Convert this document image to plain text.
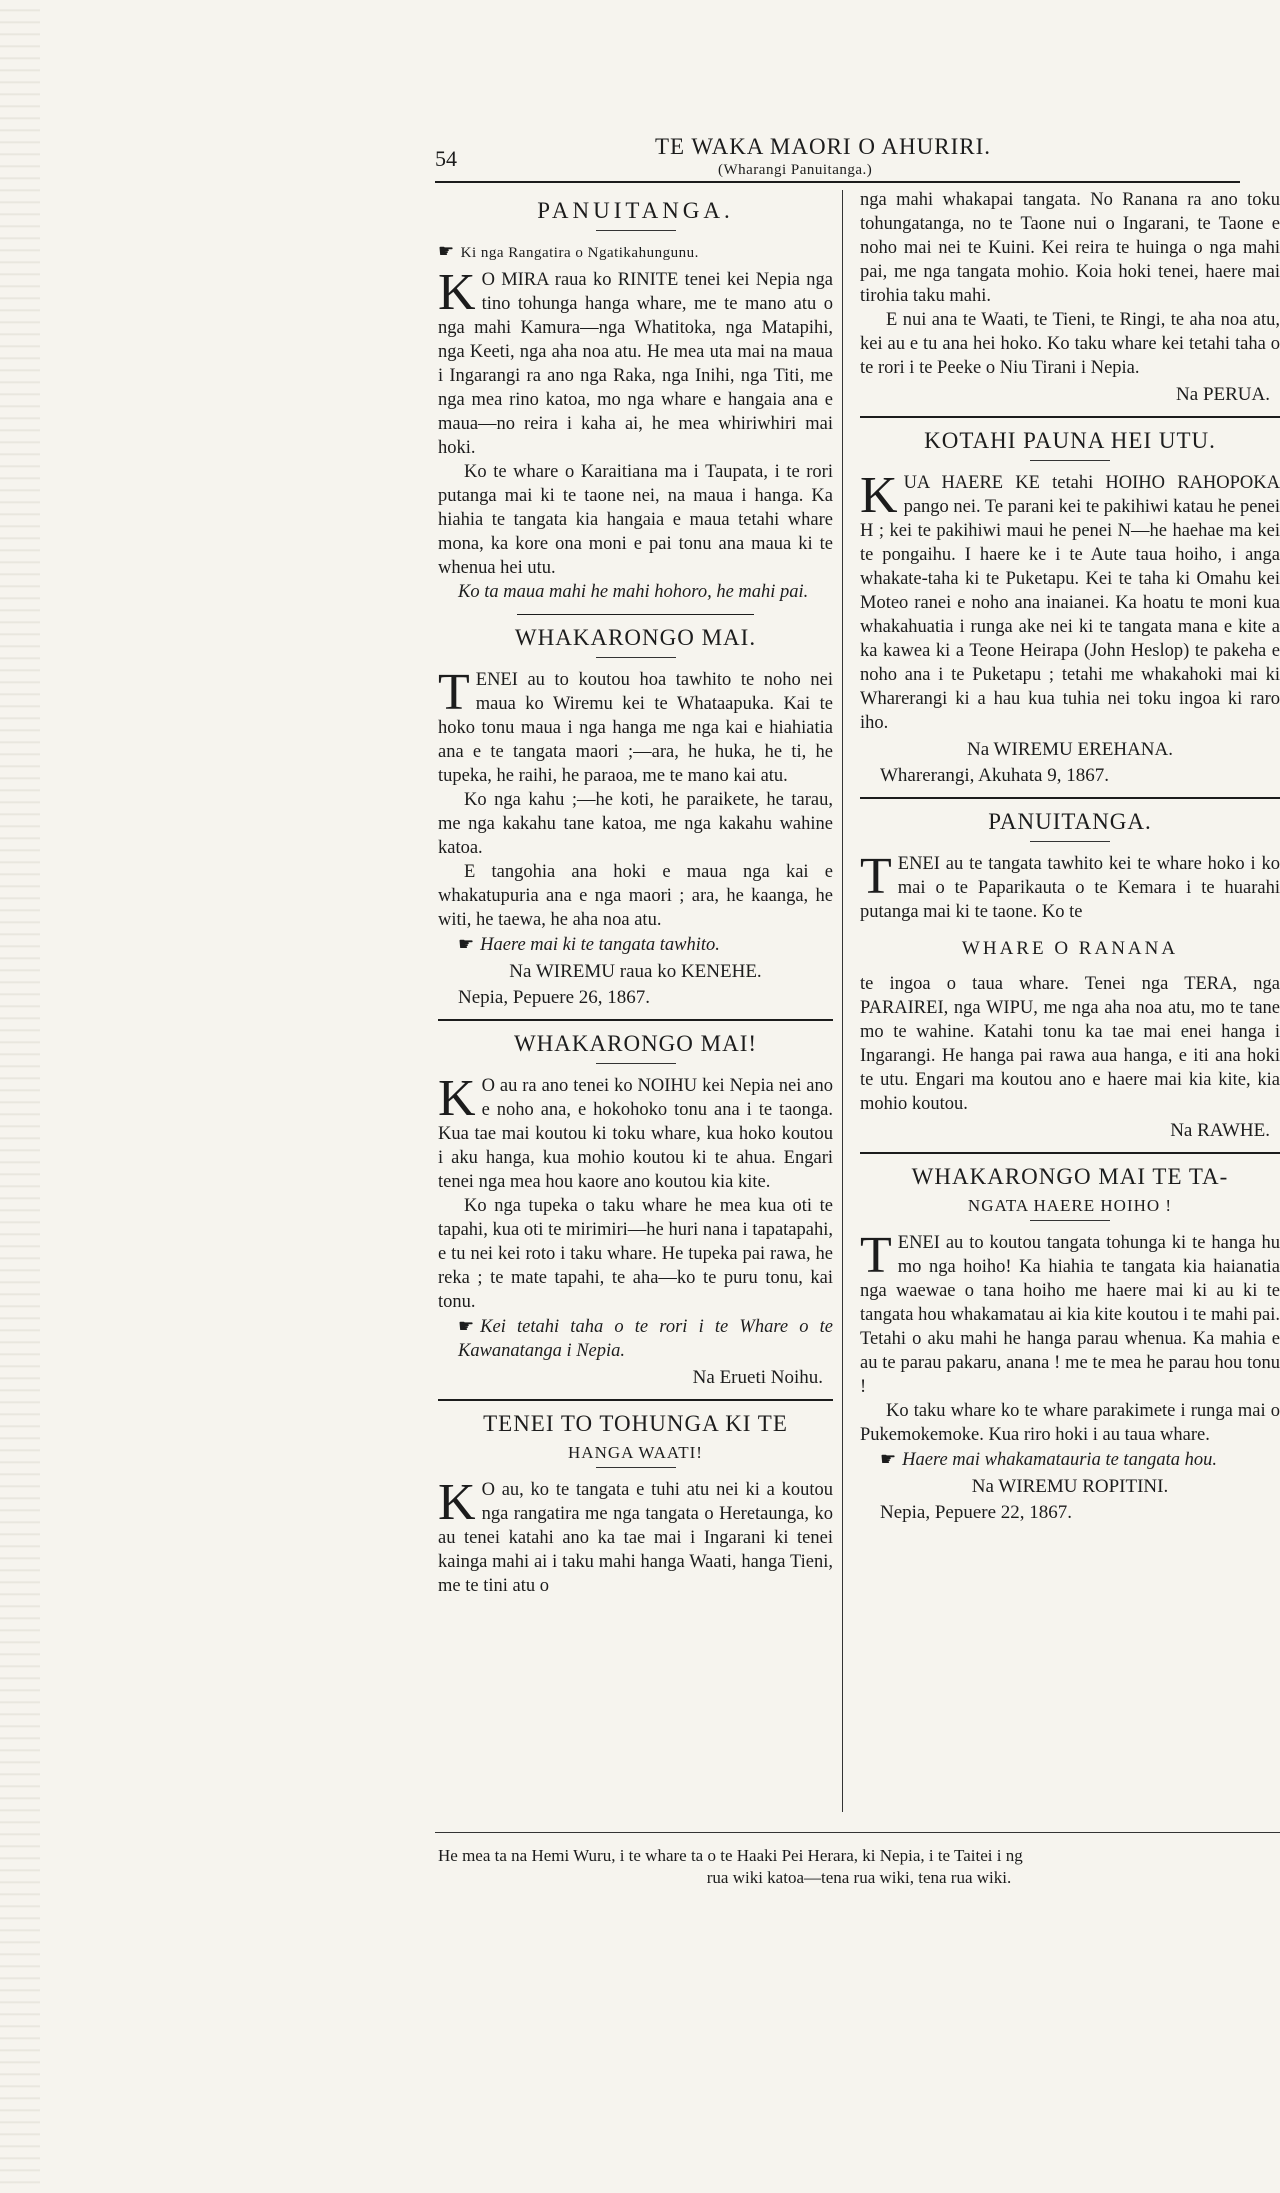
54	TE WAKA MAORI O AHURIRI.
(Wharangi Panuitanga.)
PANUITANGA.
☛ Ki nga Rangatira o Ngatikahungunu.

K O MIRA raua ko RINITE tenei kei Nepia nga tino tohunga hanga whare, me te mano atu o nga mahi Kamura—nga Whatitoka, nga Matapihi, nga Keeti, nga aha noa atu. He mea uta mai na maua i Ingarangi ra ano nga Raka, nga Inihi, nga Titi, me nga mea rino katoa, mo nga whare e hangaia ana e maua—no reira i kaha ai, he mea whiriwhiri mai hoki.

Ko te whare o Karaitiana ma i Taupata, i te rori putanga mai ki te taone nei, na maua i hanga. Ka hiahia te tangata kia hangaia e maua tetahi whare mona, ka kore ona moni e pai tonu ana maua ki te whenua hei utu.

Ko ta maua mahi he mahi hohoro, he mahi pai.

WHAKARONGO MAI.

TENEI au to koutou hoa tawhito te noho nei maua ko Wiremu kei te Whataapuka. Kai te hoko tonu maua i nga hanga me nga kai e hiahiatia ana e te tangata maori ;—ara, he huka, he ti, he tupeka, he raihi, he paraoa, me te mano kai atu.

Ko nga kahu ;—he koti, he paraikete, he tarau, me nga kakahu tane katoa, me nga kakahu wahine katoa.

E tangohia ana hoki e maua nga kai e whakatupuria ana e nga maori ; ara, he kaanga, he witi, he taewa, he aha noa atu.

☛ Haere mai ki te tangata tawhito.

Na WIREMU raua ko KENEHE.
Nepia, Pepuere 26, 1867.
WHAKARONGO MAI!

K O au ra ano tenei ko NOIHU kei Nepia nei ano e noho ana, e hokohoko tonu ana i te taonga. Kua tae mai koutou ki toku whare, kua hoko koutou i aku hanga, kua mohio koutou ki te ahua. Engari tenei nga mea hou kaore ano koutou kia kite.

Ko nga tupeka o taku whare he mea kua oti te tapahi, kua oti te mirimiri—he huri nana i tapatapahi, e tu nei kei roto i taku whare. He tupeka pai rawa, he reka ; te mate tapahi, te aha—ko te puru tonu, kai tonu.

☛ Kei tetahi taha o te rori i te Whare o te Kawanatanga i Nepia.

Na Erueti Noihu.
TENEI TO TOHUNGA KI TE
HANGA WAATI!

K O au, ko te tangata e tuhi atu nei ki a koutou nga rangatira me nga tangata o Heretaunga, ko au tenei katahi ano ka tae mai i Ingarani ki tenei kainga mahi ai i taku mahi hanga Waati, hanga Tieni, me te tini atu o

nga mahi whakapai tangata. No Ranana ra ano toku tohungatanga, no te Taone nui o Ingarani, te Taone e noho mai nei te Kuini. Kei reira te huinga o nga mahi pai, me nga tangata mohio. Koia hoki tenei, haere mai tirohia taku mahi.

E nui ana te Waati, te Tieni, te Ringi, te aha noa atu, kei au e tu ana hei hoko. Ko taku whare kei tetahi taha o te rori i te Peeke o Niu Tirani i Nepia.

Na PERUA.
KOTAHI PAUNA HEI UTU.

KUA HAERE KE tetahi HOIHO RAHOPOKA pango nei. Te parani kei te pakihiwi katau he penei H ; kei te pakihiwi maui he penei N—he haehae ma kei te pongaihu. I haere ke i te Aute taua hoiho, i anga whakate-taha ki te Puketapu. Kei te taha ki Omahu kei Moteo ranei e noho ana inaianei. Ka hoatu te moni kua whakahuatia i runga ake nei ki te tangata mana e kite a ka kawea ki a Teone Heirapa (John Heslop) te pakeha e noho ana i te Puketapu ; tetahi me whakahoki mai ki Wharerangi ki a hau kua tuhia nei toku ingoa ki raro iho.

Na WIREMU EREHANA.
Wharerangi, Akuhata 9, 1867.
PANUITANGA.

TENEI au te tangata tawhito kei te whare hoko i ko mai o te Paparikauta o te Kemara i te huarahi putanga mai ki te taone. Ko te

WHARE O RANANA

te ingoa o taua whare. Tenei nga TERA, nga PARAIREI, nga WIPU, me nga aha noa atu, mo te tane mo te wahine. Katahi tonu ka tae mai enei hanga i Ingarangi. He hanga pai rawa aua hanga, e iti ana hoki te utu. Engari ma koutou ano e haere mai kia kite, kia mohio koutou.

Na RAWHE.
WHAKARONGO MAI TE TA-
NGATA HAERE HOIHO !

TENEI au to koutou tangata tohunga ki te hanga hu mo nga hoiho! Ka hiahia te tangata kia haianatia nga waewae o tana hoiho me haere mai ki au ki te tangata hou whakamatau ai kia kite koutou i te mahi pai. Tetahi o aku mahi he hanga parau whenua. Ka mahia e au te parau pakaru, anana ! me te mea he parau hou tonu !

Ko taku whare ko te whare parakimete i runga mai o Pukemokemoke. Kua riro hoki i au taua whare.

☛ Haere mai whakamatauria te tangata hou.

Na WIREMU ROPITINI.
Nepia, Pepuere 22, 1867.
He mea ta na Hemi Wuru, i te whare ta o te Haaki Pei Herara, ki Nepia, i te Taitei i ng
rua wiki katoa—tena rua wiki, tena rua wiki.
